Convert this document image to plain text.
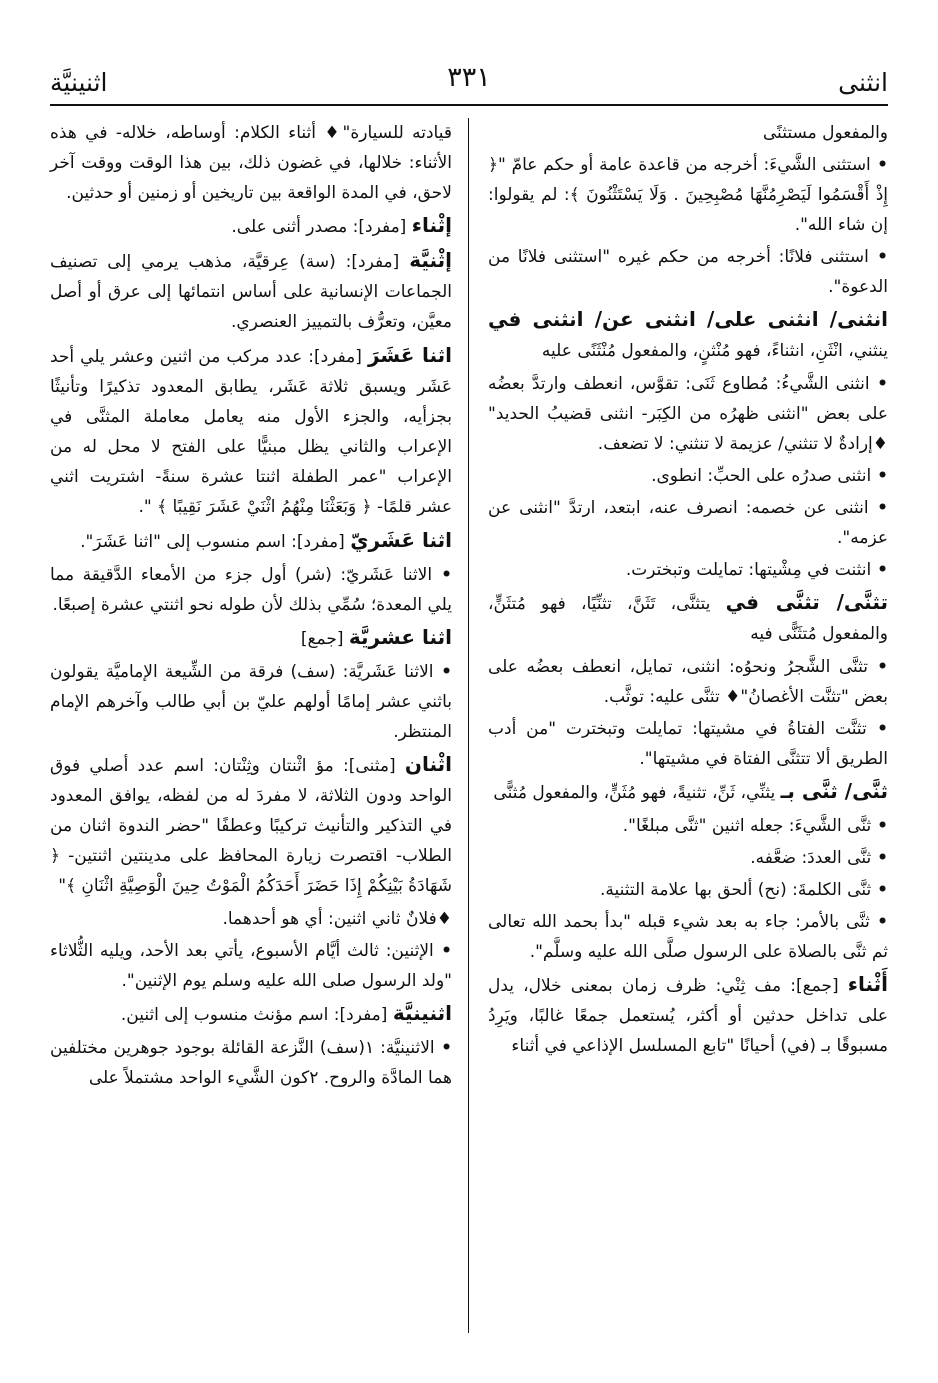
انثنى
٣٣١
اثنينيَّة
والمفعول مستثنًى
• استثنى الشَّيءَ: أخرجه من قاعدة عامة أو حكم عامّ "﴿ إِذْ أَقْسَمُوا لَيَصْرِمُنَّهَا مُصْبِحِينَ . وَلَا يَسْتَثْنُونَ ﴾: لم يقولوا: إن شاء الله".
• استثنى فلانًا: أخرجه من حكم غيره "استثنى فلانًا من الدعوة".
انثنى/ انثنى على/ انثنى عن/ انثنى في ينثني، انْثَنِ، انثناءً، فهو مُنْثنٍ، والمفعول مُنْثَنًى عليه
• انثنى الشَّيءُ: مُطاوع ثَنَى: تقوَّس، انعطف وارتدَّ بعضُه على بعض "انثنى ظهرُه من الكِبَر- انثنى قضيبُ الحديد" ♦إرادةٌ لا تنثني/ عزيمة لا تنثني: لا تضعف.
• انثنى صدرُه على الحبِّ: انطوى.
• انثنى عن خصمه: انصرف عنه، ابتعد، ارتدَّ "انثنى عن عزمه".
• انثنت في مِشْيتها: تمايلت وتبخترت.
تثنَّى/ تثنَّى في يتثنَّى، تَثَنَّ، تثنِّيًا، فهو مُتثَنٍّ، والمفعول مُتثَنًّى فيه
• تثنَّى الشَّجرُ ونحوُه: انثنى، تمايل، انعطف بعضُه على بعض "تثنَّت الأغصانُ"♦ تثنَّى عليه: توثَّب.
• تثنَّت الفتاةُ في مشيتها: تمايلت وتبخترت "من أدب الطريق ألا تتثنَّى الفتاة في مشيتها".
ثنَّى/ ثنَّى بـ يثنِّي، ثَنِّ، تثنيةً، فهو مُثَنٍّ، والمفعول مُثنًّى
• ثنَّى الشَّيءَ: جعله اثنين "ثنَّى مبلغًا".
• ثنَّى العددَ: ضعَّفه.
• ثنَّى الكلمةَ: (نح) ألحق بها علامة التثنية.
• ثنَّى بالأمر: جاء به بعد شيء قبله "بدأ بحمد الله تعالى ثم ثنَّى بالصلاة على الرسول صلَّى الله عليه وسلَّم".
أَثْناء [جمع]: مف ثِنْي: ظرف زمان بمعنى خلال، يدل على تداخل حدثين أو أكثر، يُستعمل جمعًا غالبًا، ويَرِدُ مسبوقًا بـ (في) أحيانًا "تابع المسلسل الإذاعي في أثناء
قيادته للسيارة"♦ أثناء الكلام: أوساطه، خلاله- في هذه الأثناء: خلالها، في غضون ذلك، بين هذا الوقت ووقت آخر لاحق، في المدة الواقعة بين تاريخين أو زمنين أو حدثين.
إثْناء [مفرد]: مصدر أثنى على.
إثْنيَّة [مفرد]: (سة) عِرقيَّة، مذهب يرمي إلى تصنيف الجماعات الإنسانية على أساس انتمائها إلى عرق أو أصل معيَّن، وتعرُّف بالتمييز العنصري.
اثنا عَشَرَ [مفرد]: عدد مركب من اثنين وعشر يلي أحد عَشَر ويسبق ثلاثة عَشَر، يطابق المعدود تذكيرًا وتأنيثًا بجزأيه، والجزء الأول منه يعامل معاملة المثنَّى في الإعراب والثاني يظل مبنيًّا على الفتح لا محل له من الإعراب "عمر الطفلة اثنتا عشرة سنةً- اشتريت اثني عشر قلمًا- ﴿ وَبَعَثْنَا مِنْهُمُ اثْنَيْ عَشَرَ نَقِيبًا ﴾ ".
اثنا عَشَريّ [مفرد]: اسم منسوب إلى "اثنا عَشَرَ".
• الاثنا عَشَريّ: (شر) أول جزء من الأمعاء الدَّقيقة مما يلي المعدة؛ سُمِّي بذلك لأن طوله نحو اثنتي عشرة إصبعًا.
اثنا عشريَّة [جمع]
• الاثنا عَشَريَّة: (سف) فرقة من الشِّيعة الإماميَّة يقولون باثني عشر إمامًا أولهم عليّ بن أبي طالب وآخرهم الإمام المنتظر.
اثْنان [مثنى]: مؤ اثْنتان وثِنْتان: اسم عدد أصلي فوق الواحد ودون الثلاثة، لا مفردَ له من لفظه، يوافق المعدود في التذكير والتأنيث تركيبًا وعطفًا "حضر الندوة اثنان من الطلاب- اقتصرت زيارة المحافظ على مدينتين اثنتين- ﴿ شَهَادَةُ بَيْنِكُمْ إِذَا حَضَرَ أَحَدَكُمُ الْمَوْتُ حِينَ الْوَصِيَّةِ اثْنَانِ ﴾"
♦فلانٌ ثاني اثنين: أي هو أحدهما.
• الإثنين: ثالث أيَّام الأسبوع، يأتي بعد الأحد، ويليه الثُّلاثاء "ولد الرسول صلى الله عليه وسلم يوم الإثنين".
اثنينيَّة [مفرد]: اسم مؤنث منسوب إلى اثنين.
• الاثنينيَّة: ١(سف) النَّزعة القائلة بوجود جوهرين مختلفين هما المادَّة والروح. ٢كون الشَّيء الواحد مشتملاً على
